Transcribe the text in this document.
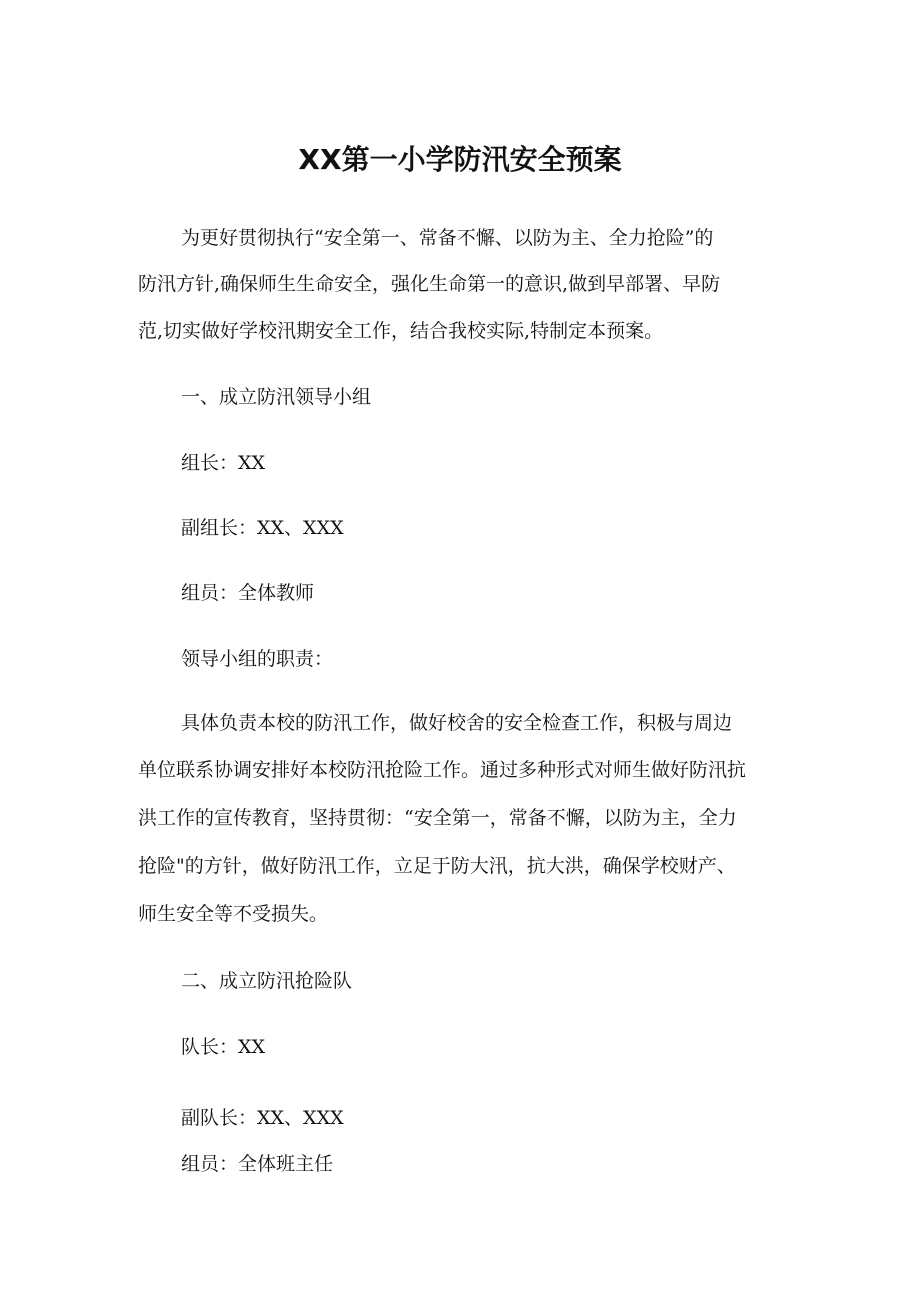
XX第一小学防汛安全预案
为更好贯彻执行“安全第一、常备不懈、以防为主、全力抢险”的
防汛方针,确保师生生命安全，强化生命第一的意识,做到早部署、早防
范,切实做好学校汛期安全工作，结合我校实际,特制定本预案。
一、成立防汛领导小组
组长：XX
副组长：XX、XXX
组员：全体教师
领导小组的职责：
具体负责本校的防汛工作，做好校舍的安全检查工作，积极与周边
单位联系协调安排好本校防汛抢险工作。通过多种形式对师生做好防汛抗
洪工作的宣传教育，坚持贯彻：“安全第一，常备不懈，以防为主，全力
抢险"的方针，做好防汛工作，立足于防大汛，抗大洪，确保学校财产、
师生安全等不受损失。
二、成立防汛抢险队
队长：XX
副队长：XX、XXX
组员：全体班主任
